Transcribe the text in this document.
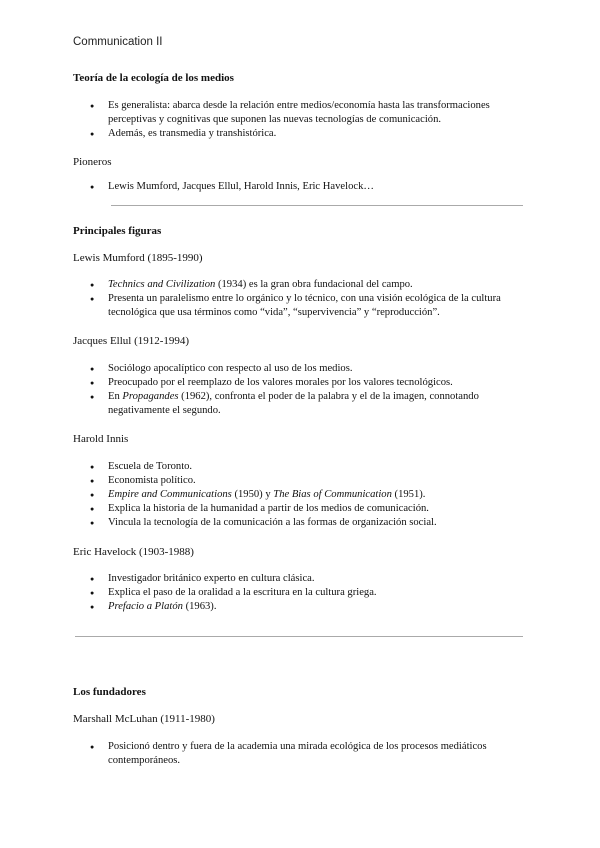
Communication II
Teoría de la ecología de los medios
● Es generalista: abarca desde la relación entre medios/economía hasta las transformaciones perceptivas y cognitivas que suponen las nuevas tecnologías de comunicación.
● Además, es transmedia y transhistórica.
Pioneros
● Lewis Mumford, Jacques Ellul, Harold Innis, Eric Havelock…
Principales figuras
Lewis Mumford (1895-1990)
● Technics and Civilization (1934) es la gran obra fundacional del campo.
● Presenta un paralelismo entre lo orgánico y lo técnico, con una visión ecológica de la cultura tecnológica que usa términos como “vida”, “supervivencia” y “reproducción”.
Jacques Ellul (1912-1994)
● Sociólogo apocalíptico con respecto al uso de los medios.
● Preocupado por el reemplazo de los valores morales por los valores tecnológicos.
● En Propagandes (1962), confronta el poder de la palabra y el de la imagen, connotando negativamente el segundo.
Harold Innis
● Escuela de Toronto.
● Economista político.
● Empire and Communications (1950) y The Bias of Communication (1951).
● Explica la historia de la humanidad a partir de los medios de comunicación.
● Vincula la tecnología de la comunicación a las formas de organización social.
Eric Havelock (1903-1988)
● Investigador británico experto en cultura clásica.
● Explica el paso de la oralidad a la escritura en la cultura griega.
● Prefacio a Platón (1963).
Los fundadores
Marshall McLuhan (1911-1980)
● Posicionó dentro y fuera de la academia una mirada ecológica de los procesos mediáticos contemporáneos.
